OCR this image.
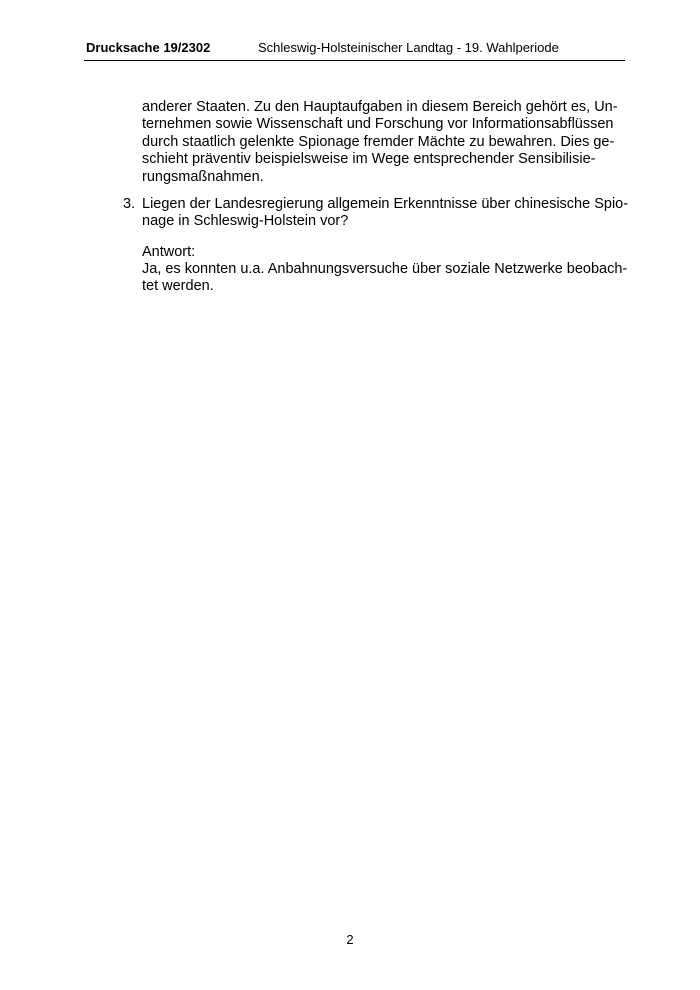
Drucksache 19/2302	Schleswig-Holsteinischer Landtag - 19. Wahlperiode
anderer Staaten. Zu den Hauptaufgaben in diesem Bereich gehört es, Un-
ternehmen sowie Wissenschaft und Forschung vor Informationsabflüssen
durch staatlich gelenkte Spionage fremder Mächte zu bewahren. Dies ge-
schieht präventiv beispielsweise im Wege entsprechender Sensibilisie-
rungsmaßnahmen.
3. Liegen der Landesregierung allgemein Erkenntnisse über chinesische Spio-
nage in Schleswig-Holstein vor?
Antwort:
Ja, es konnten u.a. Anbahnungsversuche über soziale Netzwerke beobach-
tet werden.
2
